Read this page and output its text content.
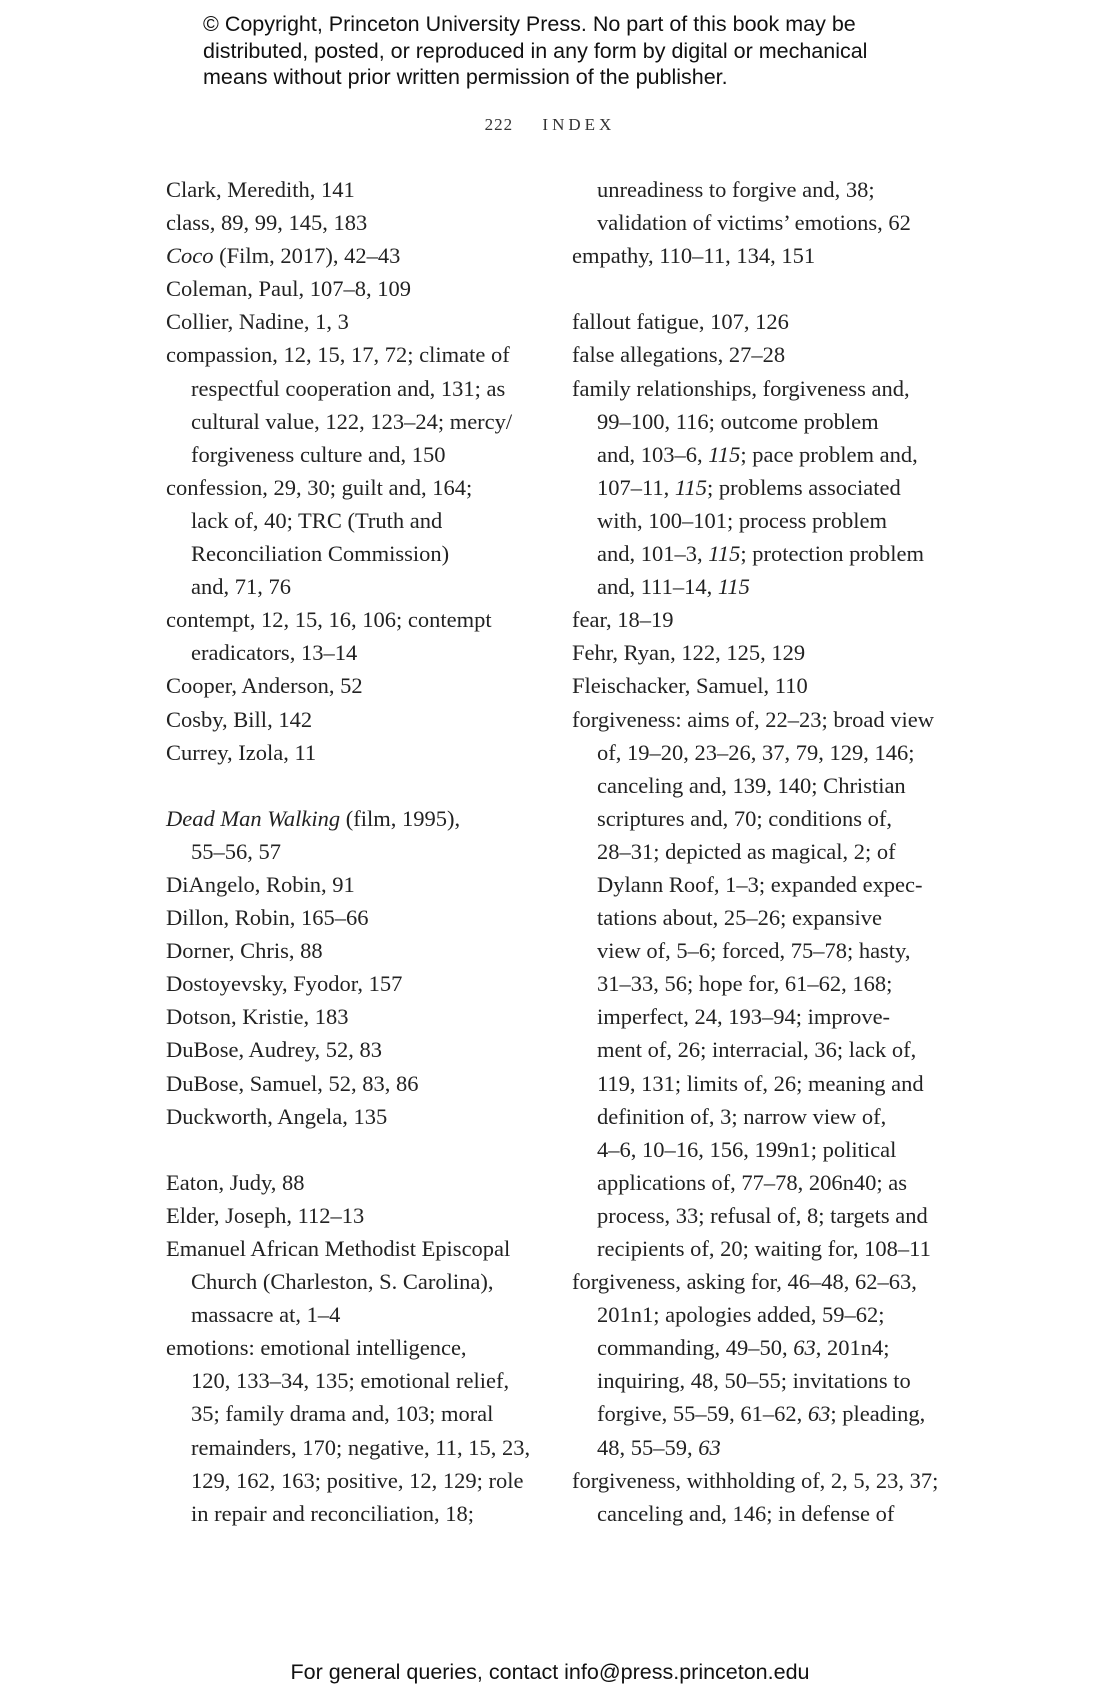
© Copyright, Princeton University Press. No part of this book may be
distributed, posted, or reproduced in any form by digital or mechanical
means without prior written permission of the publisher.
222 INDEX
Clark, Meredith, 141
class, 89, 99, 145, 183
Coco (Film, 2017), 42–43
Coleman, Paul, 107–8, 109
Collier, Nadine, 1, 3
compassion, 12, 15, 17, 72; climate of
respectful cooperation and, 131; as
cultural value, 122, 123–24; mercy/
forgiveness culture and, 150
confession, 29, 30; guilt and, 164;
lack of, 40; TRC (Truth and
Reconciliation Commission)
and, 71, 76
contempt, 12, 15, 16, 106; contempt
eradicators, 13–14
Cooper, Anderson, 52
Cosby, Bill, 142
Currey, Izola, 11
Dead Man Walking (film, 1995),
55–56, 57
DiAngelo, Robin, 91
Dillon, Robin, 165–66
Dorner, Chris, 88
Dostoyevsky, Fyodor, 157
Dotson, Kristie, 183
DuBose, Audrey, 52, 83
DuBose, Samuel, 52, 83, 86
Duckworth, Angela, 135
Eaton, Judy, 88
Elder, Joseph, 112–13
Emanuel African Methodist Episcopal
Church (Charleston, S. Carolina),
massacre at, 1–4
emotions: emotional intelligence,
120, 133–34, 135; emotional relief,
35; family drama and, 103; moral
remainders, 170; negative, 11, 15, 23,
129, 162, 163; positive, 12, 129; role
in repair and reconciliation, 18;
unreadiness to forgive and, 38;
validation of victims’ emotions, 62
empathy, 110–11, 134, 151
fallout fatigue, 107, 126
false allegations, 27–28
family relationships, forgiveness and,
99–100, 116; outcome problem
and, 103–6, 115; pace problem and,
107–11, 115; problems associated
with, 100–101; process problem
and, 101–3, 115; protection problem
and, 111–14, 115
fear, 18–19
Fehr, Ryan, 122, 125, 129
Fleischacker, Samuel, 110
forgiveness: aims of, 22–23; broad view
of, 19–20, 23–26, 37, 79, 129, 146;
canceling and, 139, 140; Christian
scriptures and, 70; conditions of,
28–31; depicted as magical, 2; of
Dylann Roof, 1–3; expanded expec-
tations about, 25–26; expansive
view of, 5–6; forced, 75–78; hasty,
31–33, 56; hope for, 61–62, 168;
imperfect, 24, 193–94; improve-
ment of, 26; interracial, 36; lack of,
119, 131; limits of, 26; meaning and
definition of, 3; narrow view of,
4–6, 10–16, 156, 199n1; political
applications of, 77–78, 206n40; as
process, 33; refusal of, 8; targets and
recipients of, 20; waiting for, 108–11
forgiveness, asking for, 46–48, 62–63,
201n1; apologies added, 59–62;
commanding, 49–50, 63, 201n4;
inquiring, 48, 50–55; invitations to
forgive, 55–59, 61–62, 63; pleading,
48, 55–59, 63
forgiveness, withholding of, 2, 5, 23, 37;
canceling and, 146; in defense of
For general queries, contact info@press.princeton.edu
